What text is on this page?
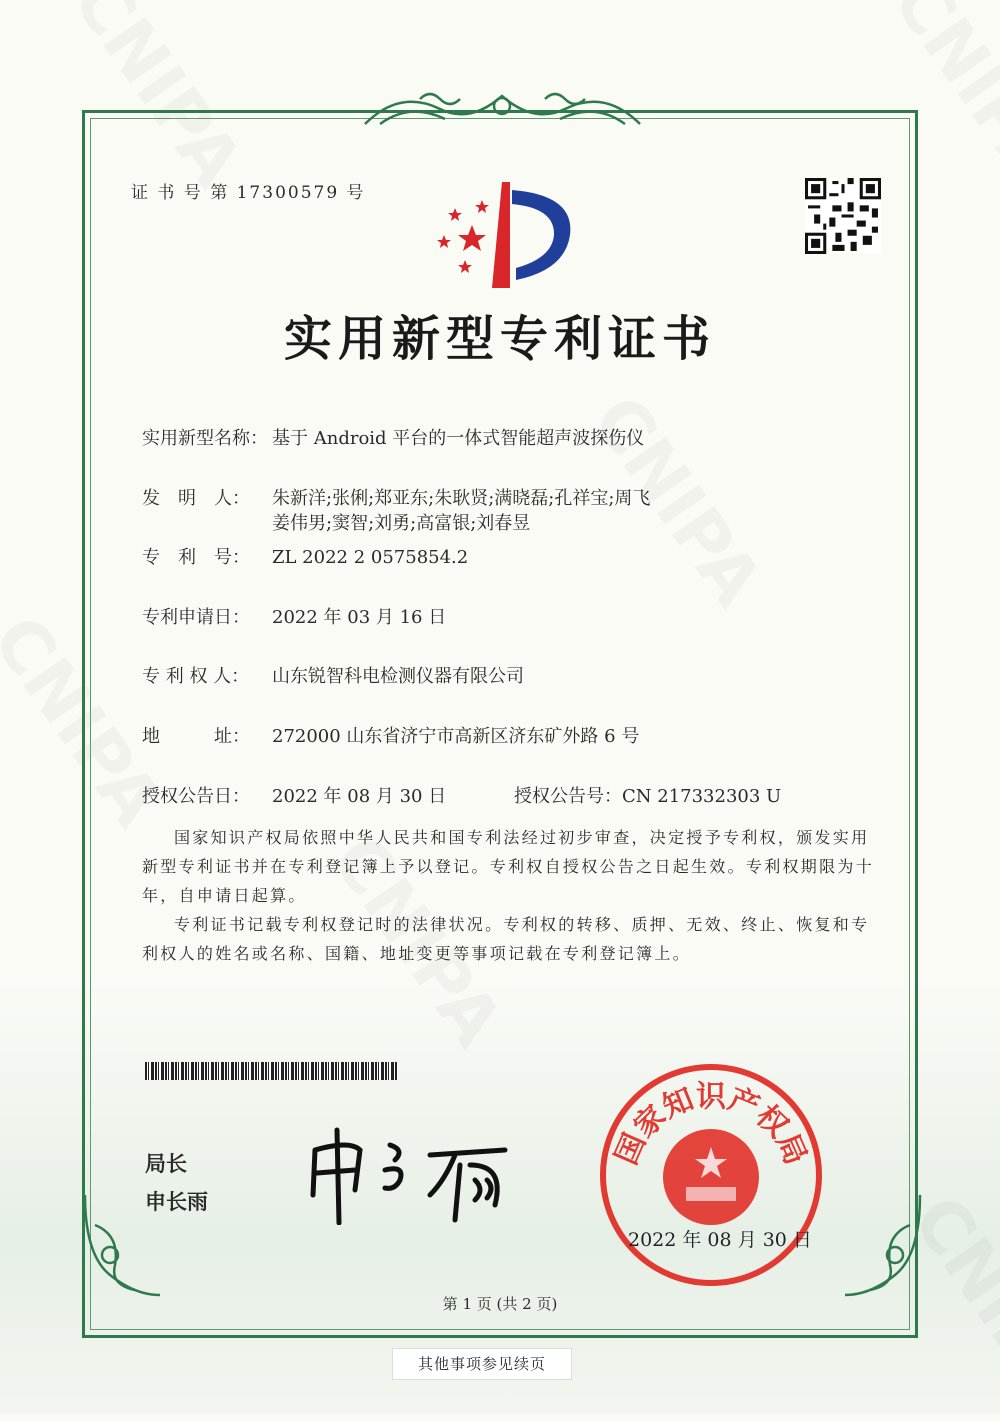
证 书 号 第 17300579 号
实用新型专利证书
实用新型名称： 基于 Android 平台的一体式智能超声波探伤仪
发　明　人： 朱新洋;张俐;郑亚东;朱耿贤;满晓磊;孔祥宝;周飞
姜伟男;窦智;刘勇;高富银;刘春昱
专　利　号： ZL 2022 2 0575854.2
专利申请日： 2022 年 03 月 16 日
专 利 权 人： 山东锐智科电检测仪器有限公司
地　　　址： 272000 山东省济宁市高新区济东矿外路 6 号
授权公告日： 2022 年 08 月 30 日	授权公告号：CN 217332303 U

国家知识产权局依照中华人民共和国专利法经过初步审查，决定授予专利权，颁发实用新型专利证书并在专利登记簿上予以登记。专利权自授权公告之日起生效。专利权期限为十年，自申请日起算。

专利证书记载专利权登记时的法律状况。专利权的转移、质押、无效、终止、恢复和专利权人的姓名或名称、国籍、地址变更等事项记载在专利登记簿上。

局长
申长雨
国家知识产权局
2022 年 08 月 30 日
第 1 页 (共 2 页)
其他事项参见续页
